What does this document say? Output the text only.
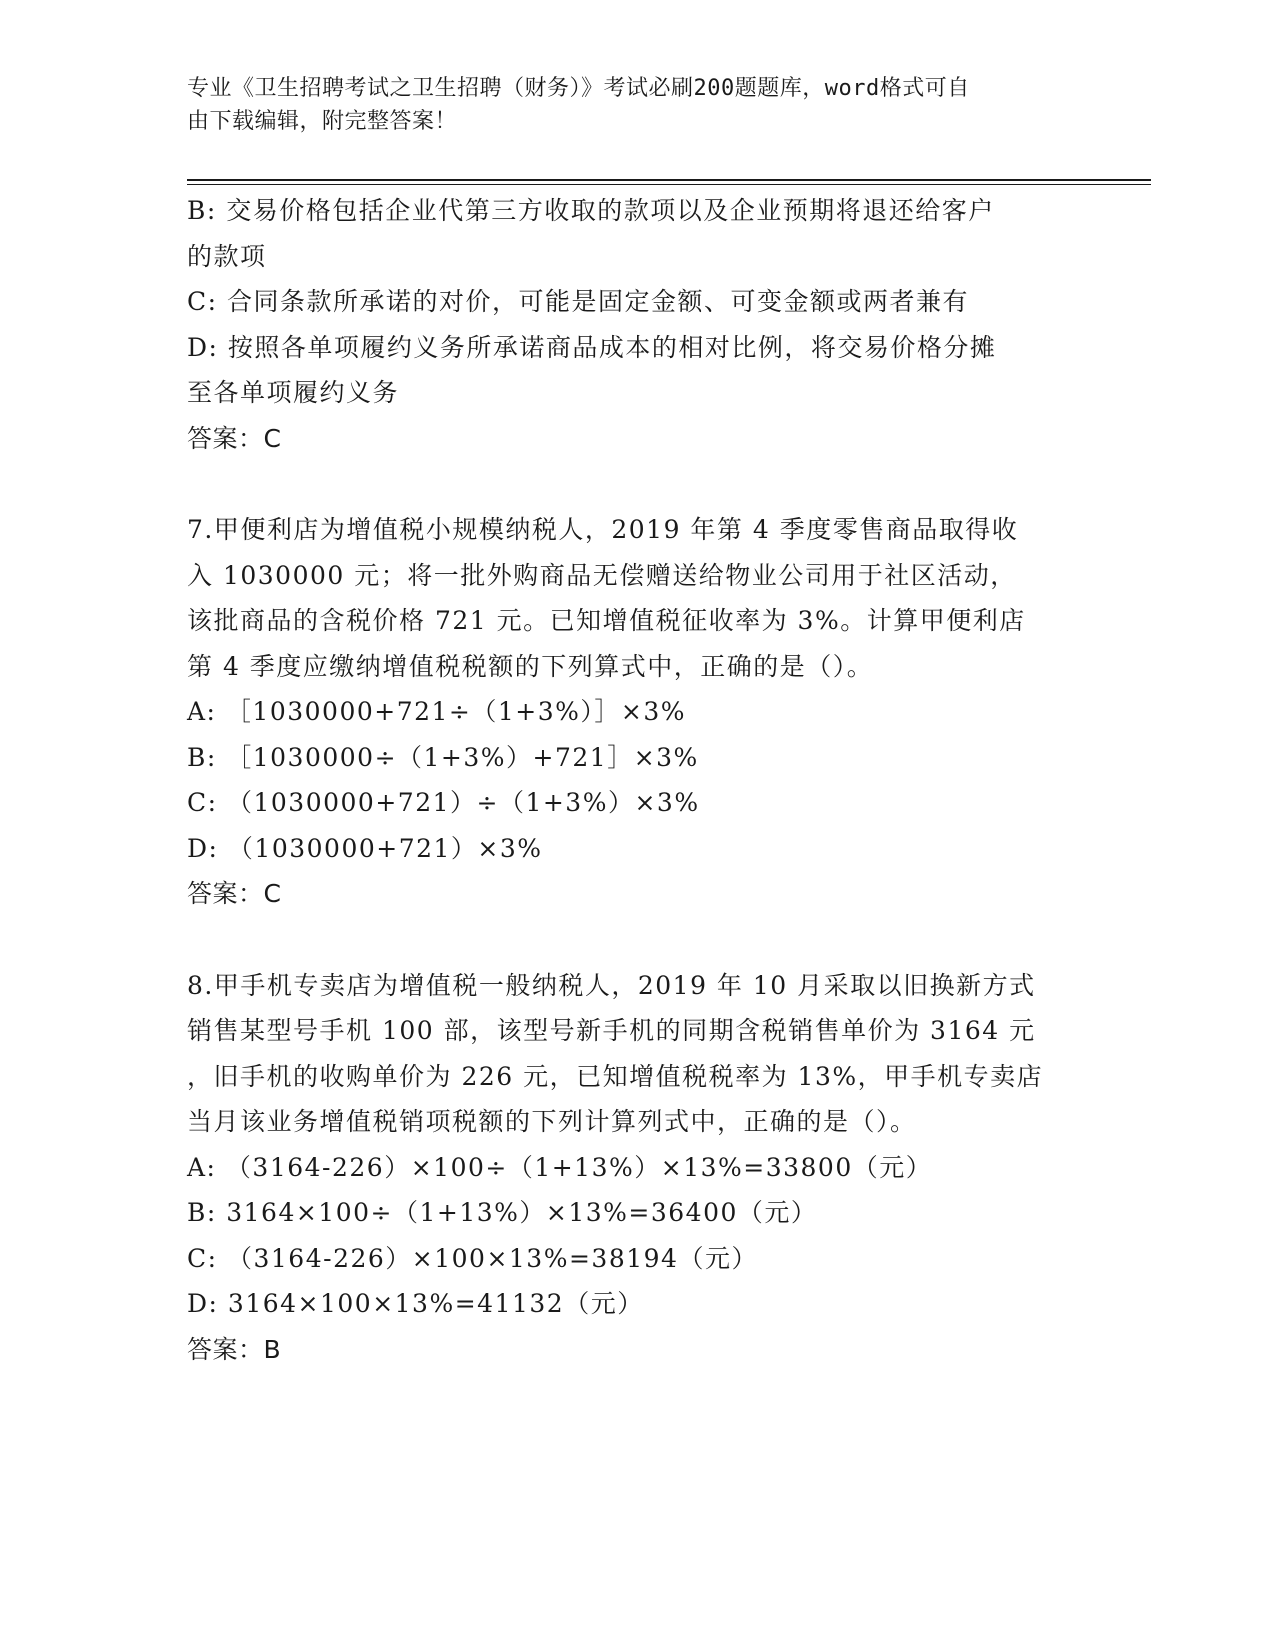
专业《卫生招聘考试之卫生招聘（财务）》考试必刷200题题库，word格式可自
由下载编辑，附完整答案！
B: 交易价格包括企业代第三方收取的款项以及企业预期将退还给客户
的款项
C: 合同条款所承诺的对价，可能是固定金额、可变金额或两者兼有
D: 按照各单项履约义务所承诺商品成本的相对比例，将交易价格分摊
至各单项履约义务
答案：C
7.甲便利店为增值税小规模纳税人，2019 年第 4 季度零售商品取得收
入 1030000 元；将一批外购商品无偿赠送给物业公司用于社区活动，
该批商品的含税价格 721 元。已知增值税征收率为 3%。计算甲便利店
第 4 季度应缴纳增值税税额的下列算式中，正确的是（）。
A: ［1030000+721÷（1+3%）］×3%
B: ［1030000÷（1+3%）+721］×3%
C: （1030000+721）÷（1+3%）×3%
D: （1030000+721）×3%
答案：C
8.甲手机专卖店为增值税一般纳税人，2019 年 10 月采取以旧换新方式
销售某型号手机 100 部，该型号新手机的同期含税销售单价为 3164 元
，旧手机的收购单价为 226 元，已知增值税税率为 13%，甲手机专卖店
当月该业务增值税销项税额的下列计算列式中，正确的是（）。
A: （3164-226）×100÷（1+13%）×13%=33800（元）
B: 3164×100÷（1+13%）×13%=36400（元）
C: （3164-226）×100×13%=38194（元）
D: 3164×100×13%=41132（元）
答案：B
